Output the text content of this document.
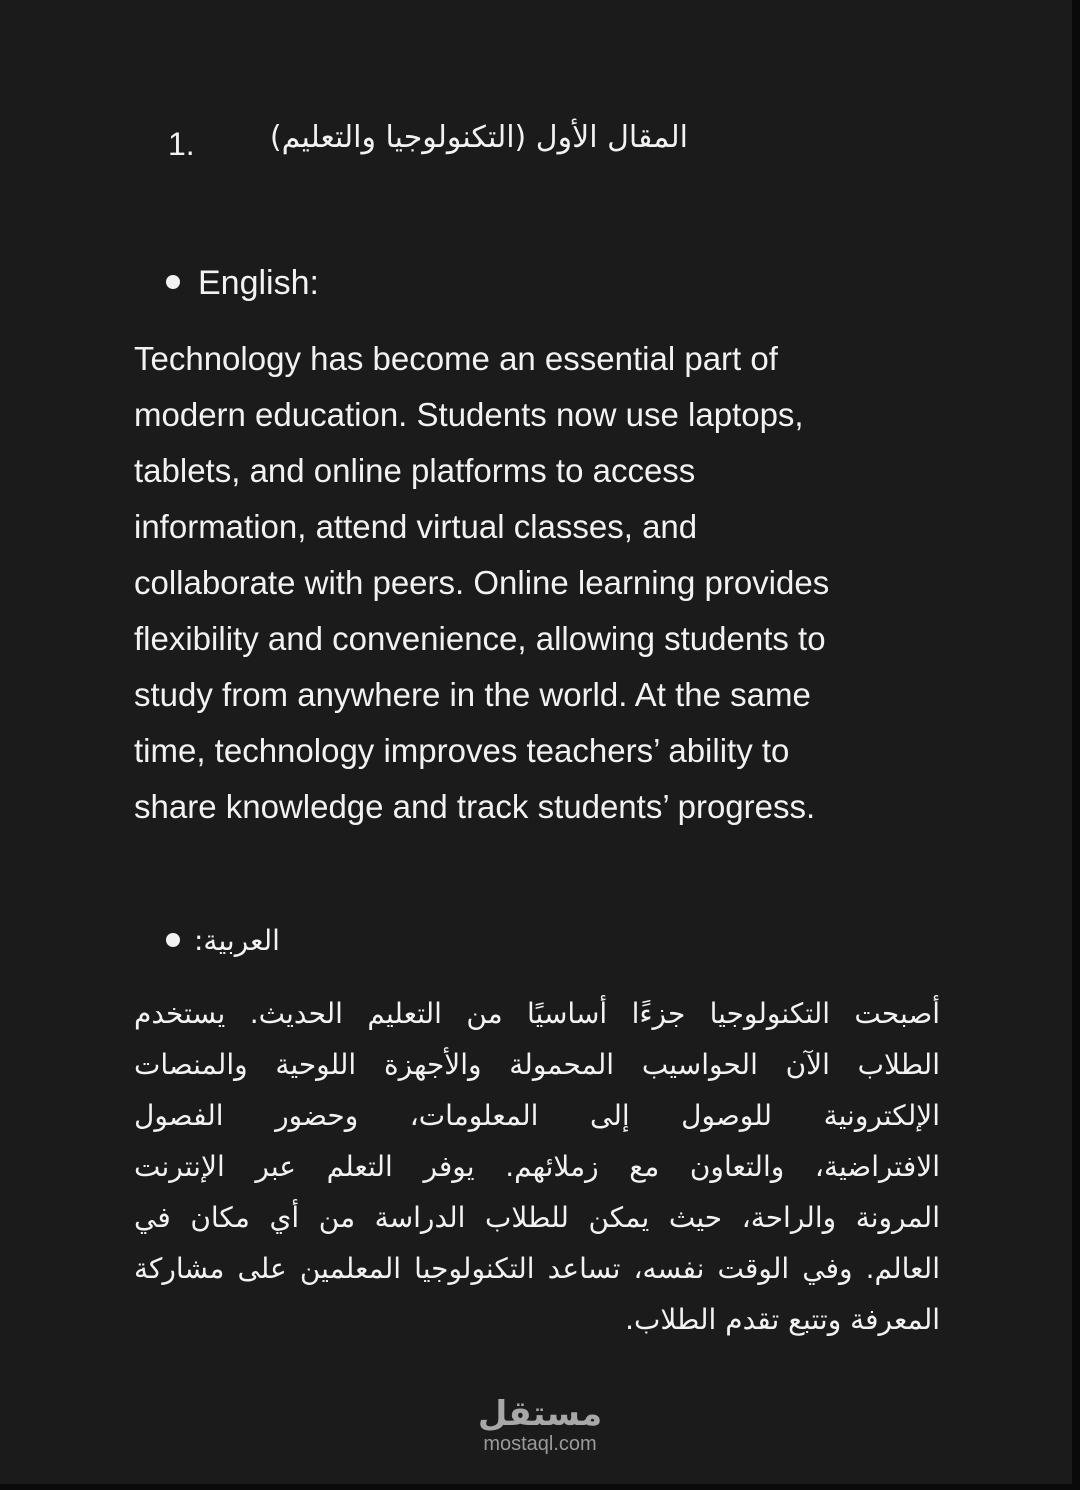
1.	المقال الأول (التكنولوجيا والتعليم)
English:

Technology has become an essential part of
modern education. Students now use laptops,
tablets, and online platforms to access
information, attend virtual classes, and
collaborate with peers. Online learning provides
flexibility and convenience, allowing students to
study from anywhere in the world. At the same
time, technology improves teachers’ ability to
share knowledge and track students’ progress.

العربية:

أصبحت التكنولوجيا جزءًا أساسيًا من التعليم الحديث. يستخدم
الطلاب الآن الحواسيب المحمولة والأجهزة اللوحية والمنصات
الإلكترونية للوصول إلى المعلومات، وحضور الفصول
الافتراضية، والتعاون مع زملائهم. يوفر التعلم عبر الإنترنت
المرونة والراحة، حيث يمكن للطلاب الدراسة من أي مكان في
العالم. وفي الوقت نفسه، تساعد التكنولوجيا المعلمين على مشاركة
المعرفة وتتبع تقدم الطلاب.

مستقل
mostaql.com
